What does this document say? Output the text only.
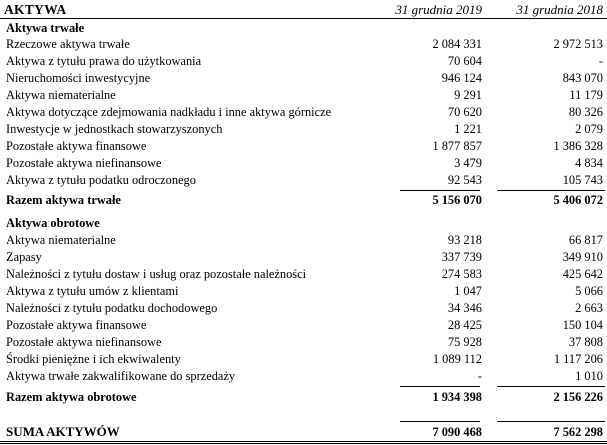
AKTYWA	31 grudnia 2019	31 grudnia 2018
Aktywa trwałe
Rzeczowe aktywa trwałe	2 084 331	2 972 513
Aktywa z tytułu prawa do użytkowania	70 604	-
Nieruchomości inwestycyjne	946 124	843 070
Aktywa niematerialne	9 291	11 179
Aktywa dotyczące zdejmowania nadkładu i inne aktywa górnicze	70 620	80 326
Inwestycje w jednostkach stowarzyszonych	1 221	2 079
Pozostałe aktywa finansowe	1 877 857	1 386 328
Pozostałe aktywa niefinansowe	3 479	4 834
Aktywa z tytułu podatku odroczonego	92 543	105 743
Razem aktywa trwałe	5 156 070	5 406 072
Aktywa obrotowe
Aktywa niematerialne	93 218	66 817
Zapasy	337 739	349 910
Należności z tytułu dostaw i usług oraz pozostałe należności	274 583	425 642
Aktywa z tytułu umów z klientami	1 047	5 066
Należności z tytułu podatku dochodowego	34 346	2 663
Pozostałe aktywa finansowe	28 425	150 104
Pozostałe aktywa niefinansowe	75 928	37 808
Środki pieniężne i ich ekwiwalenty	1 089 112	1 117 206
Aktywa trwałe zakwalifikowane do sprzedaży	-	1 010
Razem aktywa obrotowe	1 934 398	2 156 226
SUMA AKTYWÓW	7 090 468	7 562 298
